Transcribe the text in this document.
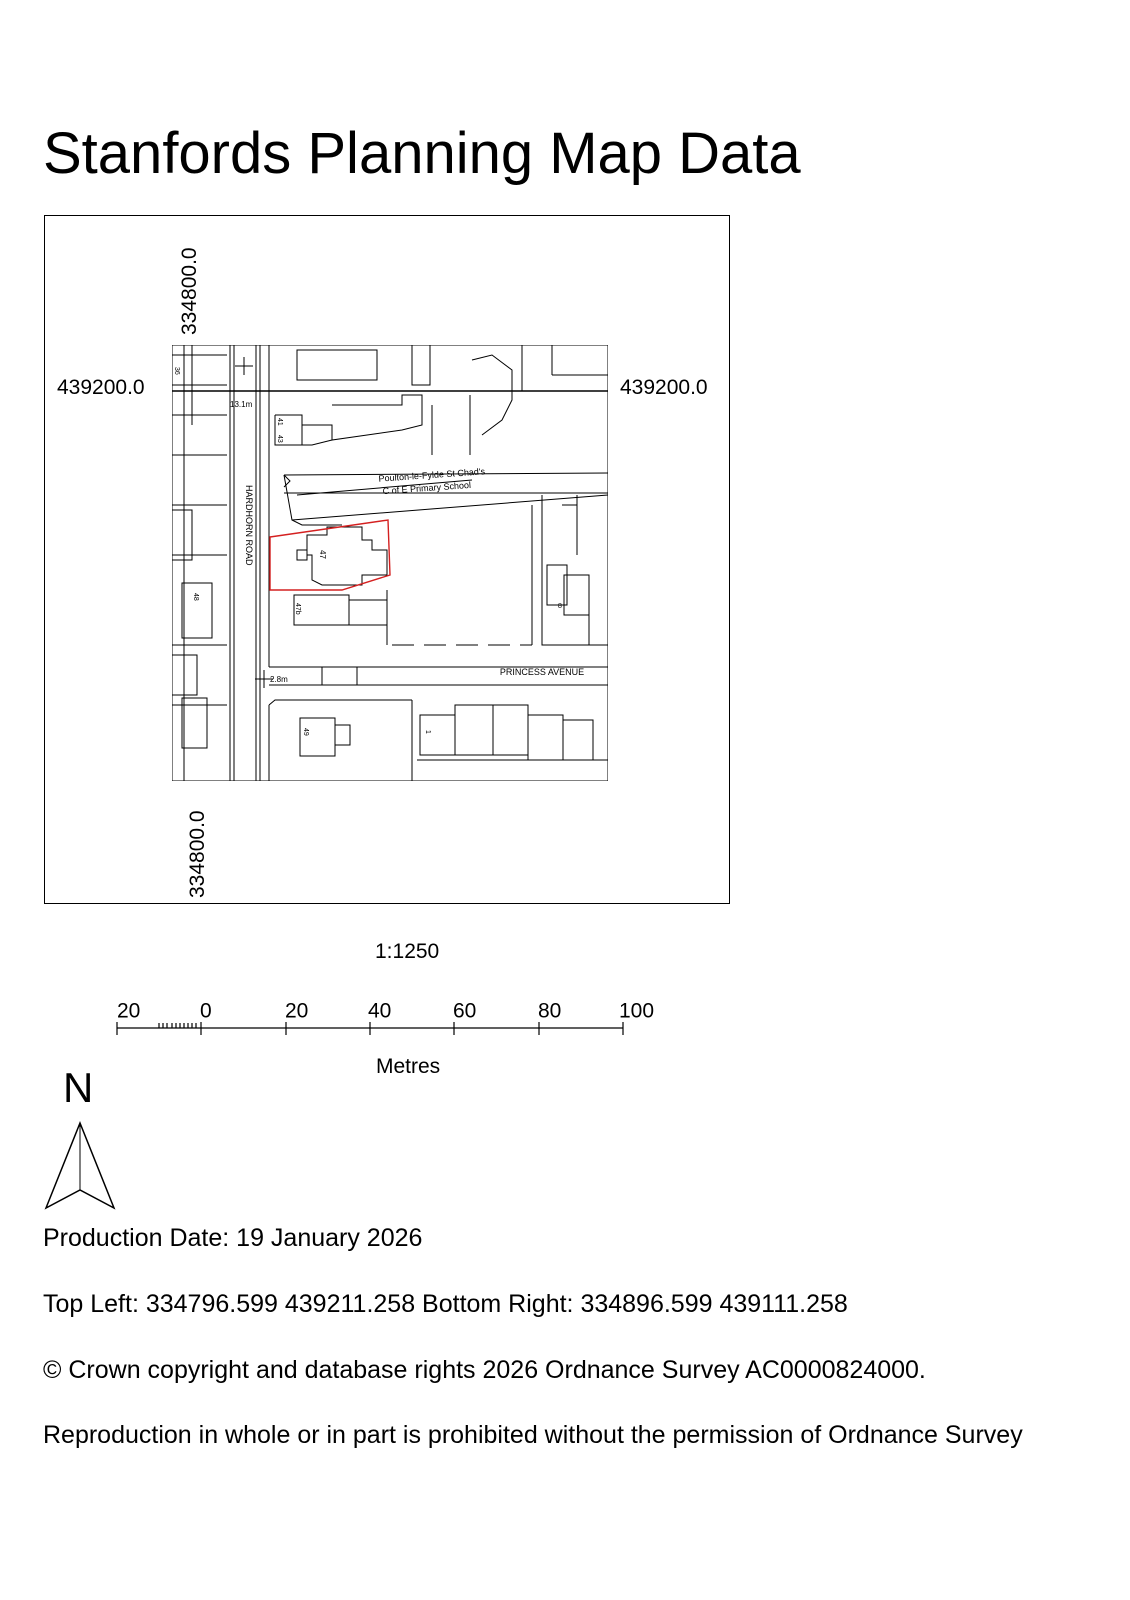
Stanfords Planning Map Data
334800.0
334800.0
439200.0	439200.0
HARDHORN ROAD
PRINCESS AVENUE
Poulton-le-Fylde St Chad's
C of E Primary School
13.1m
2.8m
36
41
43
47
47b
48
49
8
1
1:1250
20	0	20	40	60	80	100
Metres
N
Production Date: 19 January 2026
Top Left: 334796.599 439211.258 Bottom Right: 334896.599 439111.258
© Crown copyright and database rights 2026 Ordnance Survey AC0000824000.
Reproduction in whole or in part is prohibited without the permission of Ordnance Survey
